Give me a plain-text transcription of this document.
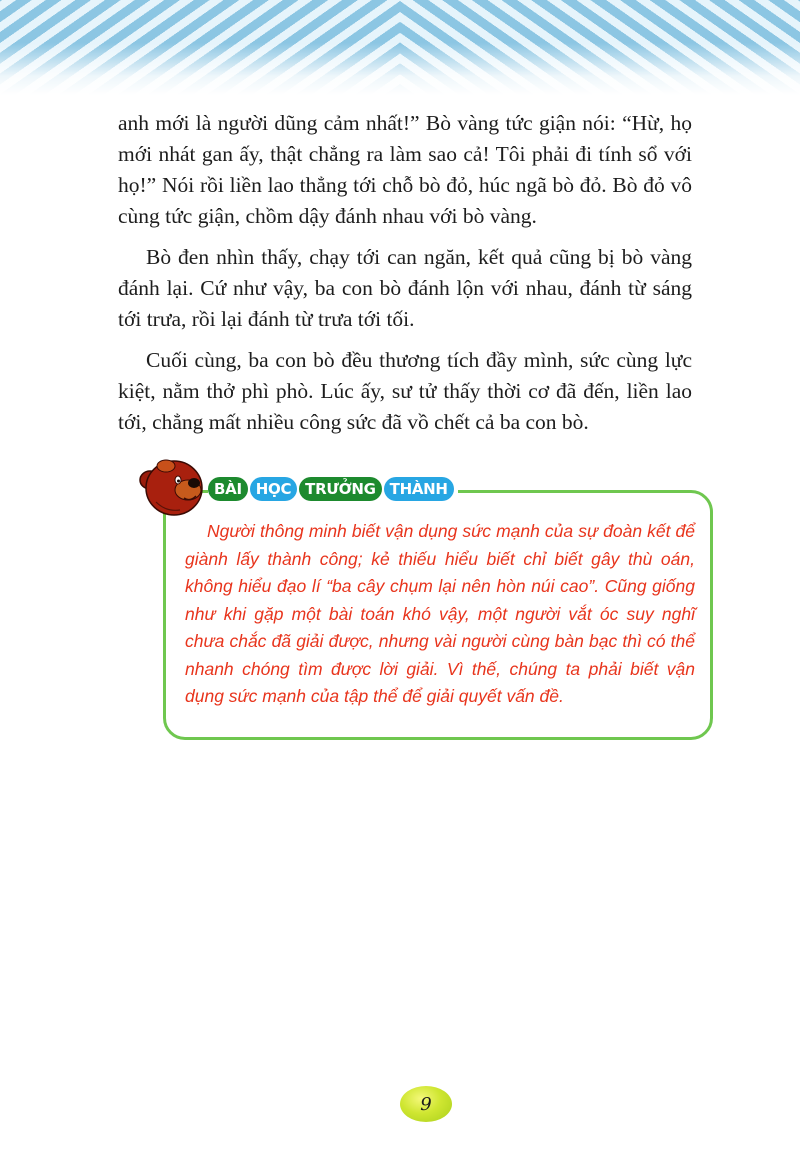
anh mới là người dũng cảm nhất!” Bò vàng tức giận nói: “Hừ, họ mới nhát gan ấy, thật chẳng ra làm sao cả! Tôi phải đi tính sổ với họ!” Nói rồi liền lao thẳng tới chỗ bò đỏ, húc ngã bò đỏ. Bò đỏ vô cùng tức giận, chồm dậy đánh nhau với bò vàng.

Bò đen nhìn thấy, chạy tới can ngăn, kết quả cũng bị bò vàng đánh lại. Cứ như vậy, ba con bò đánh lộn với nhau, đánh từ sáng tới trưa, rồi lại đánh từ trưa tới tối.

Cuối cùng, ba con bò đều thương tích đầy mình, sức cùng lực kiệt, nằm thở phì phò. Lúc ấy, sư tử thấy thời cơ đã đến, liền lao tới, chẳng mất nhiều công sức đã vồ chết cả ba con bò.

BÀI HỌC TRƯỞNG THÀNH
Người thông minh biết vận dụng sức mạnh của sự đoàn kết để giành lấy thành công; kẻ thiếu hiểu biết chỉ biết gây thù oán, không hiểu đạo lí “ba cây chụm lại nên hòn núi cao”. Cũng giống như khi gặp một bài toán khó vậy, một người vắt óc suy nghĩ chưa chắc đã giải được, nhưng vài người cùng bàn bạc thì có thể nhanh chóng tìm được lời giải. Vì thế, chúng ta phải biết vận dụng sức mạnh của tập thể để giải quyết vấn đề.
9
